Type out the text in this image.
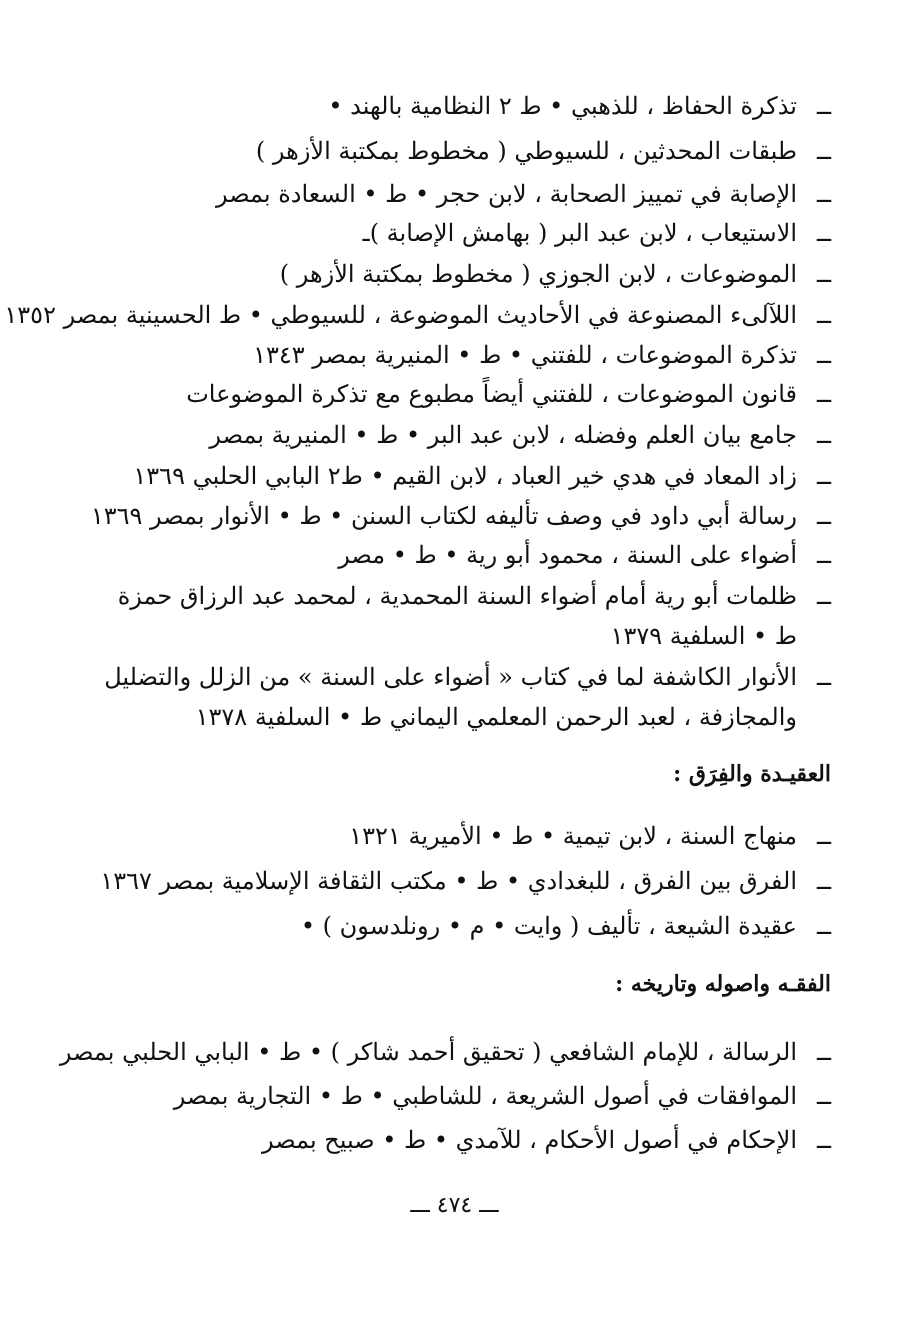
ــتذكرة الحفاظ ، للذهبي • ط ٢ النظامية بالهند •
ــطبقات المحدثين ، للسيوطي ( مخطوط بمكتبة الأزهر )
ــالإصابة في تمييز الصحابة ، لابن حجر • ط • السعادة بمصر
ــالاستيعاب ، لابن عبد البر ( بهامش الإصابة )ـ
ــالموضوعات ، لابن الجوزي ( مخطوط بمكتبة الأزهر )
ــاللآلىء المصنوعة في الأحاديث الموضوعة ، للسيوطي • ط الحسينية بمصر ١٣٥٢
ــتذكرة الموضوعات ، للفتني • ط • المنيرية بمصر ١٣٤٣
ــقانون الموضوعات ، للفتني أيضاً مطبوع مع تذكرة الموضوعات
ــجامع بيان العلم وفضله ، لابن عبد البر • ط • المنيرية بمصر
ــزاد المعاد في هدي خير العباد ، لابن القيم • ط٢ البابي الحلبي ١٣٦٩
ــرسالة أبي داود في وصف تأليفه لكتاب السنن • ط • الأنوار بمصر ١٣٦٩
ــأضواء على السنة ، محمود أبو رية • ط • مصر
ــظلمات أبو رية أمام أضواء السنة المحمدية ، لمحمد عبد الرزاق حمزة
ط • السلفية ١٣٧٩
ــالأنوار الكاشفة لما في كتاب « أضواء على السنة » من الزلل والتضليل
والمجازفة ، لعبد الرحمن المعلمي اليماني ط • السلفية ١٣٧٨
العقيـدة والفِرَق :
ــمنهاج السنة ، لابن تيمية • ط • الأميرية ١٣٢١
ــالفرق بين الفرق ، للبغدادي • ط • مكتب الثقافة الإسلامية بمصر ١٣٦٧
ــعقيدة الشيعة ، تأليف ( وايت • م • رونلدسون ) •
الفقـه واصوله وتاريخه :
ــالرسالة ، للإمام الشافعي ( تحقيق أحمد شاكر ) • ط • البابي الحلبي بمصر
ــالموافقات في أصول الشريعة ، للشاطبي • ط • التجارية بمصر
ــالإحكام في أصول الأحكام ، للآمدي • ط • صبيح بمصر
ـــ ٤٧٤ ـــ
